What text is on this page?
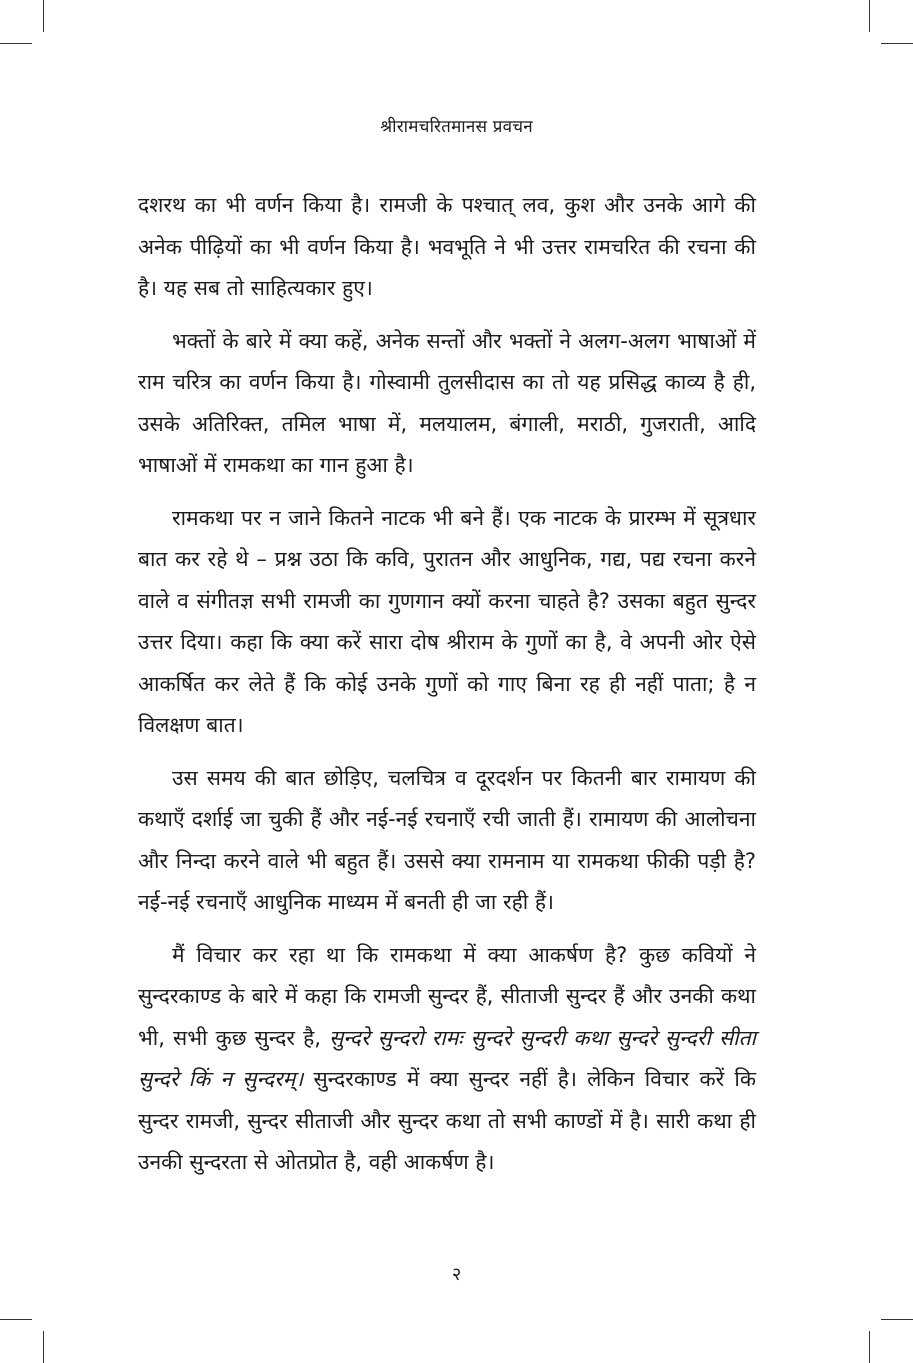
श्रीरामचरितमानस प्रवचन

दशरथ का भी वर्णन किया है। रामजी के पश्चात् लव, कुश और उनके आगे की अनेक पीढ़ियों का भी वर्णन किया है। भवभूति ने भी उत्तर रामचरित की रचना की है। यह सब तो साहित्यकार हुए।

भक्तों के बारे में क्या कहें, अनेक सन्तों और भक्तों ने अलग-अलग भाषाओं में राम चरित्र का वर्णन किया है। गोस्वामी तुलसीदास का तो यह प्रसिद्ध काव्य है ही, उसके अतिरिक्त, तमिल भाषा में, मलयालम, बंगाली, मराठी, गुजराती, आदि भाषाओं में रामकथा का गान हुआ है।

रामकथा पर न जाने कितने नाटक भी बने हैं। एक नाटक के प्रारम्भ में सूत्रधार बात कर रहे थे – प्रश्न उठा कि कवि, पुरातन और आधुनिक, गद्य, पद्य रचना करने वाले व संगीतज्ञ सभी रामजी का गुणगान क्यों करना चाहते है? उसका बहुत सुन्दर उत्तर दिया। कहा कि क्या करें सारा दोष श्रीराम के गुणों का है, वे अपनी ओर ऐसे आकर्षित कर लेते हैं कि कोई उनके गुणों को गाए बिना रह ही नहीं पाता; है न विलक्षण बात।

उस समय की बात छोड़िए, चलचित्र व दूरदर्शन पर कितनी बार रामायण की कथाएँ दर्शाई जा चुकी हैं और नई-नई रचनाएँ रची जाती हैं। रामायण की आलोचना और निन्दा करने वाले भी बहुत हैं। उससे क्या रामनाम या रामकथा फीकी पड़ी है? नई-नई रचनाएँ आधुनिक माध्यम में बनती ही जा रही हैं।

मैं विचार कर रहा था कि रामकथा में क्या आकर्षण है? कुछ कवियों ने सुन्दरकाण्ड के बारे में कहा कि रामजी सुन्दर हैं, सीताजी सुन्दर हैं और उनकी कथा भी, सभी कुछ सुन्दर है, सुन्दरे सुन्दरो रामः सुन्दरे सुन्दरी कथा सुन्दरे सुन्दरी सीता सुन्दरे किं न सुन्दरम्। सुन्दरकाण्ड में क्या सुन्दर नहीं है। लेकिन विचार करें कि सुन्दर रामजी, सुन्दर सीताजी और सुन्दर कथा तो सभी काण्डों में है। सारी कथा ही उनकी सुन्दरता से ओतप्रोत है, वही आकर्षण है।

२
